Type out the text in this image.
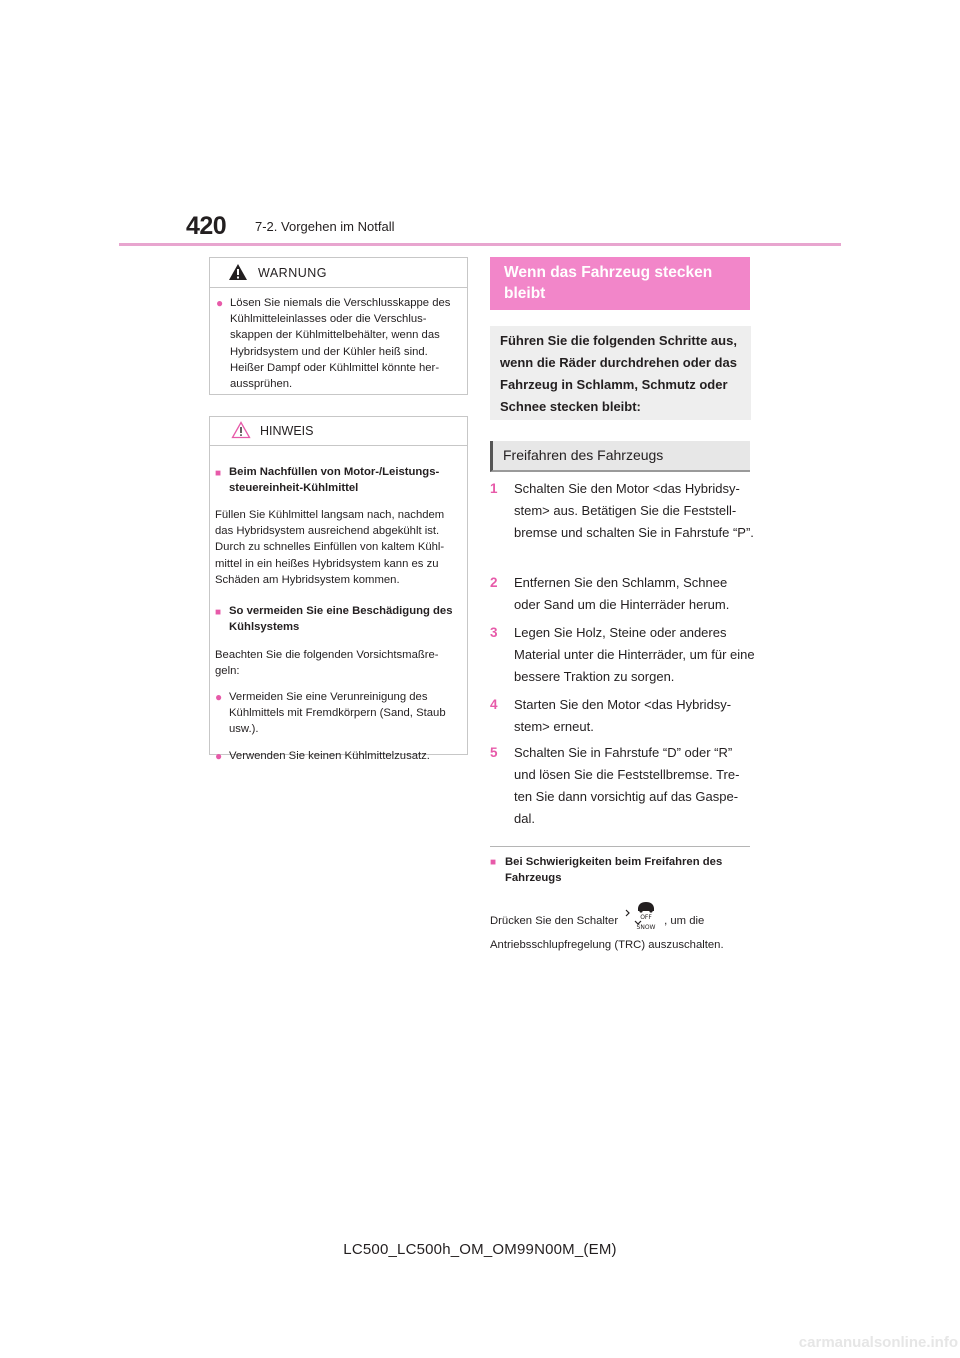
420 7-2. Vorgehen im Notfall
WARNUNG
● Lösen Sie niemals die Verschlusskappe des Kühlmitteleinlasses oder die Verschlus-skappen der Kühlmittelbehälter, wenn das Hybridsystem und der Kühler heiß sind. Heißer Dampf oder Kühlmittel könnte her-aussprühen.
HINWEIS
■ Beim Nachfüllen von Motor-/Leistungs-steuereinheit-Kühlmittel
Füllen Sie Kühlmittel langsam nach, nachdem das Hybridsystem ausreichend abgekühlt ist. Durch zu schnelles Einfüllen von kaltem Kühl-mittel in ein heißes Hybridsystem kann es zu Schäden am Hybridsystem kommen.
■ So vermeiden Sie eine Beschädigung des Kühlsystems
Beachten Sie die folgenden Vorsichtsmaßre-geln:
● Vermeiden Sie eine Verunreinigung des Kühlmittels mit Fremdkörpern (Sand, Staub usw.).
● Verwenden Sie keinen Kühlmittelzusatz.
Wenn das Fahrzeug stecken bleibt
Führen Sie die folgenden Schritte aus, wenn die Räder durchdrehen oder das Fahrzeug in Schlamm, Schmutz oder Schnee stecken bleibt:
Freifahren des Fahrzeugs
1	Schalten Sie den Motor <das Hybridsy-stem> aus. Betätigen Sie die Feststell-bremse und schalten Sie in Fahrstufe “P”.
2	Entfernen Sie den Schlamm, Schnee oder Sand um die Hinterräder herum.
3	Legen Sie Holz, Steine oder anderes Material unter die Hinterräder, um für eine bessere Traktion zu sorgen.
4	Starten Sie den Motor <das Hybridsy-stem> erneut.
5	Schalten Sie in Fahrstufe “D” oder “R” und lösen Sie die Feststellbremse. Tre-ten Sie dann vorsichtig auf das Gaspe-dal.
■ Bei Schwierigkeiten beim Freifahren des Fahrzeugs
Drücken Sie den Schalter	OFF
SNOW
, um die Antriebsschlupfregelung (TRC) auszuschalten.
LC500_LC500h_OM_OM99N00M_(EM)
carmanualsonline.info
